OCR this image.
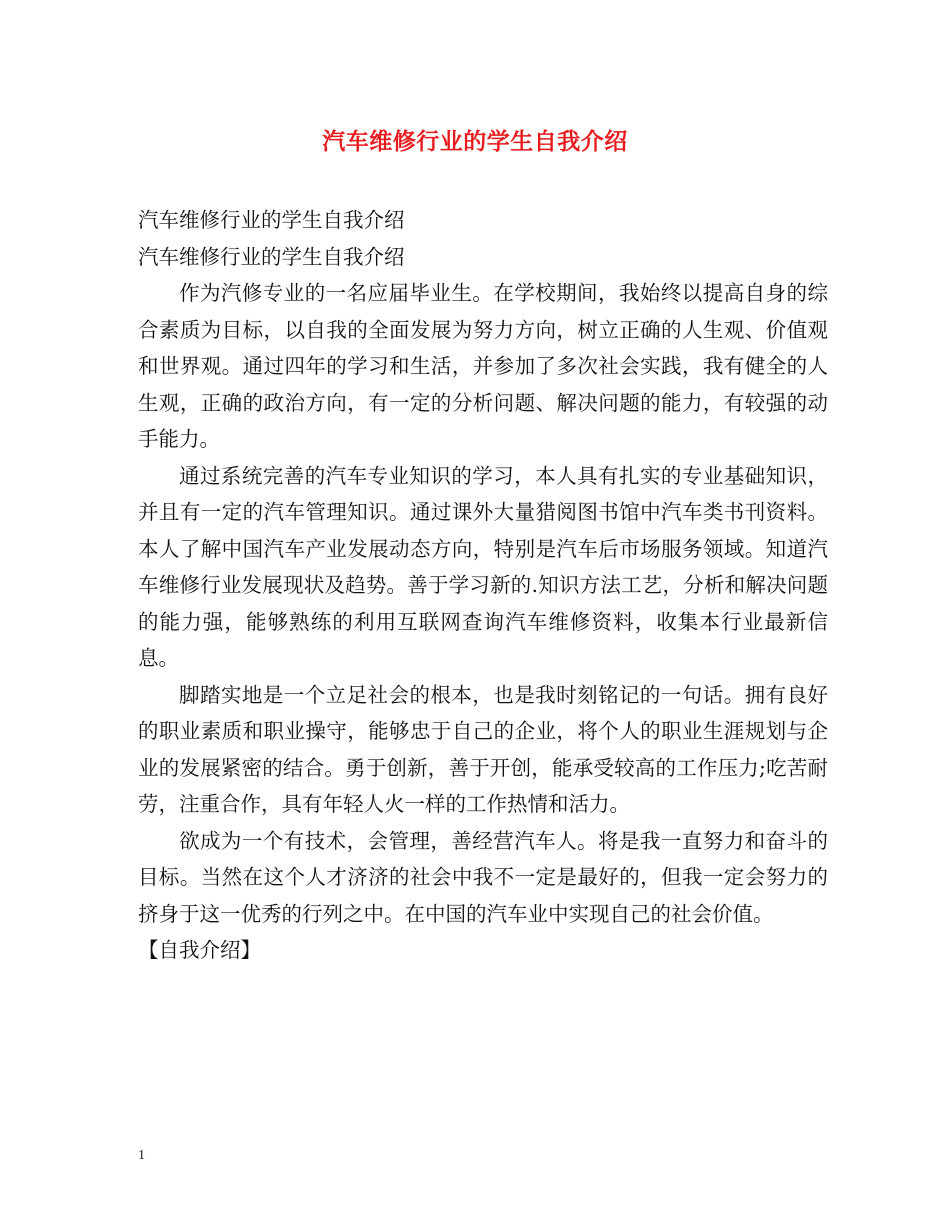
汽车维修行业的学生自我介绍

汽车维修行业的学生自我介绍

汽车维修行业的学生自我介绍

作为汽修专业的一名应届毕业生。在学校期间，我始终以提高自身的综合素质为目标，以自我的全面发展为努力方向，树立正确的人生观、价值观和世界观。通过四年的学习和生活，并参加了多次社会实践，我有健全的人生观，正确的政治方向，有一定的分析问题、解决问题的能力，有较强的动手能力。

通过系统完善的汽车专业知识的学习，本人具有扎实的专业基础知识，并且有一定的汽车管理知识。通过课外大量猎阅图书馆中汽车类书刊资料。本人了解中国汽车产业发展动态方向，特别是汽车后市场服务领域。知道汽车维修行业发展现状及趋势。善于学习新的.知识方法工艺，分析和解决问题的能力强，能够熟练的利用互联网查询汽车维修资料，收集本行业最新信息。

脚踏实地是一个立足社会的根本，也是我时刻铭记的一句话。拥有良好的职业素质和职业操守，能够忠于自己的企业，将个人的职业生涯规划与企业的发展紧密的结合。勇于创新，善于开创，能承受较高的工作压力;吃苦耐劳，注重合作，具有年轻人火一样的工作热情和活力。

欲成为一个有技术，会管理，善经营汽车人。将是我一直努力和奋斗的目标。当然在这个人才济济的社会中我不一定是最好的，但我一定会努力的挤身于这一优秀的行列之中。在中国的汽车业中实现自己的社会价值。

【自我介绍】

1
